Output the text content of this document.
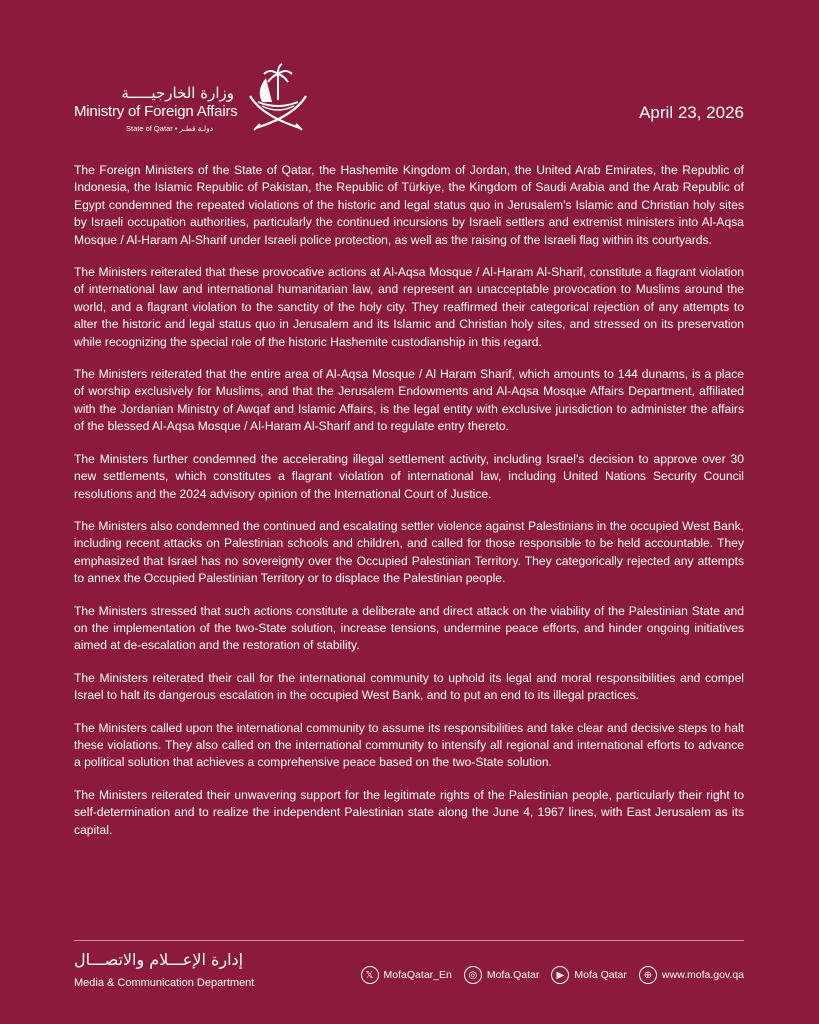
وزارة الخارجيـــــة
Ministry of Foreign Affairs
State of Qatar • دولـة قطـر
April 23, 2026

The Foreign Ministers of the State of Qatar, the Hashemite Kingdom of Jordan, the United Arab Emirates, the Republic of Indonesia, the Islamic Republic of Pakistan, the Republic of Türkiye, the Kingdom of Saudi Arabia and the Arab Republic of Egypt condemned the repeated violations of the historic and legal status quo in Jerusalem's Islamic and Christian holy sites by Israeli occupation authorities, particularly the continued incursions by Israeli settlers and extremist ministers into Al-Aqsa Mosque / Al-Haram Al-Sharif under Israeli police protection, as well as the raising of the Israeli flag within its courtyards.

The Ministers reiterated that these provocative actions at Al-Aqsa Mosque / Al-Haram Al-Sharif, constitute a flagrant violation of international law and international humanitarian law, and represent an unacceptable provocation to Muslims around the world, and a flagrant violation to the sanctity of the holy city. They reaffirmed their categorical rejection of any attempts to alter the historic and legal status quo in Jerusalem and its Islamic and Christian holy sites, and stressed on its preservation while recognizing the special role of the historic Hashemite custodianship in this regard.

The Ministers reiterated that the entire area of Al-Aqsa Mosque / Al Haram Sharif, which amounts to 144 dunams, is a place of worship exclusively for Muslims, and that the Jerusalem Endowments and Al-Aqsa Mosque Affairs Department, affiliated with the Jordanian Ministry of Awqaf and Islamic Affairs, is the legal entity with exclusive jurisdiction to administer the affairs of the blessed Al-Aqsa Mosque / Al-Haram Al-Sharif and to regulate entry thereto.

The Ministers further condemned the accelerating illegal settlement activity, including Israel's decision to approve over 30 new settlements, which constitutes a flagrant violation of international law, including United Nations Security Council resolutions and the 2024 advisory opinion of the International Court of Justice.

The Ministers also condemned the continued and escalating settler violence against Palestinians in the occupied West Bank, including recent attacks on Palestinian schools and children, and called for those responsible to be held accountable. They emphasized that Israel has no sovereignty over the Occupied Palestinian Territory. They categorically rejected any attempts to annex the Occupied Palestinian Territory or to displace the Palestinian people.

The Ministers stressed that such actions constitute a deliberate and direct attack on the viability of the Palestinian State and on the implementation of the two-State solution, increase tensions, undermine peace efforts, and hinder ongoing initiatives aimed at de-escalation and the restoration of stability.

The Ministers reiterated their call for the international community to uphold its legal and moral responsibilities and compel Israel to halt its dangerous escalation in the occupied West Bank, and to put an end to its illegal practices.

The Ministers called upon the international community to assume its responsibilities and take clear and decisive steps to halt these violations. They also called on the international community to intensify all regional and international efforts to advance a political solution that achieves a comprehensive peace based on the two-State solution.

The Ministers reiterated their unwavering support for the legitimate rights of the Palestinian people, particularly their right to self-determination and to realize the independent Palestinian state along the June 4, 1967 lines, with East Jerusalem as its capital.

إدارة الإعـــلام والاتصـــال
Media & Communication Department
𝕏 MofaQatar_En	◎ Mofa.Qatar	▶ Mofa Qatar	⊕ www.mofa.gov.qa
